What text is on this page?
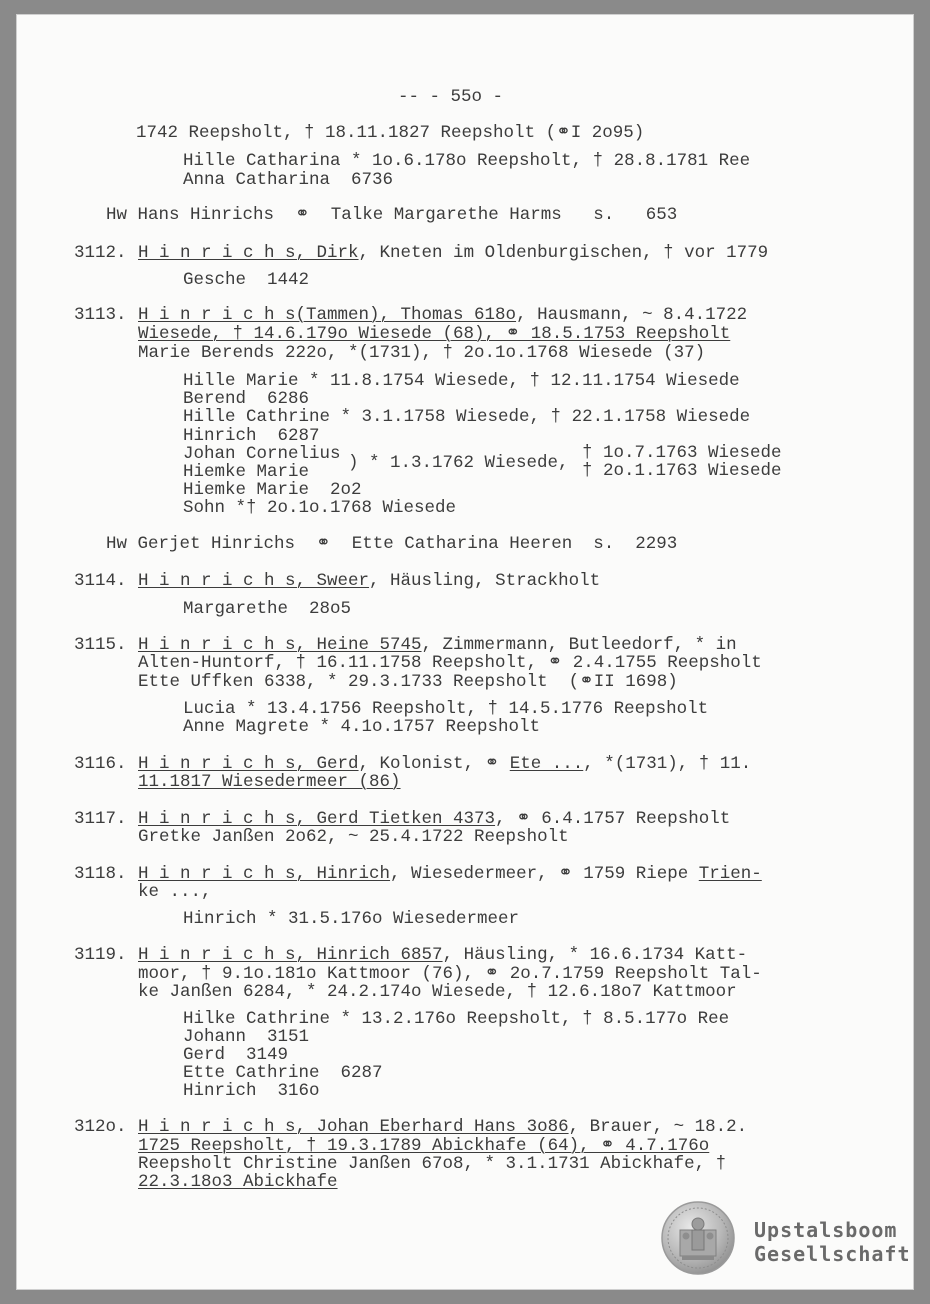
-- - 55o -
1742 Reepsholt, † 18.11.1827 Reepsholt (⚭I 2o95)
Hille Catharina * 1o.6.178o Reepsholt, † 28.8.1781 Ree
Anna Catharina  6736
Hw Hans Hinrichs  ⚭  Talke Margarethe Harms   s.   653
3112. H i n r i c h s, Dirk, Kneten im Oldenburgischen, † vor 1779
Gesche  1442
3113. H i n r i c h s(Tammen), Thomas 618o, Hausmann, ~ 8.4.1722
Wiesede, † 14.6.179o Wiesede (68), ⚭ 18.5.1753 Reepsholt
Marie Berends 222o, *(1731), † 2o.1o.1768 Wiesede (37)
Hille Marie * 11.8.1754 Wiesede, † 12.11.1754 Wiesede
Berend  6286
Hille Cathrine * 3.1.1758 Wiesede, † 22.1.1758 Wiesede
Hinrich  6287
Johan Cornelius
Hiemke Marie ) * 1.3.1762 Wiesede, † 1o.7.1763 Wiesede
† 2o.1.1763 Wiesede
Hiemke Marie  2o2
Sohn *† 2o.1o.1768 Wiesede
Hw Gerjet Hinrichs  ⚭  Ette Catharina Heeren  s.  2293
3114. H i n r i c h s, Sweer, Häusling, Strackholt
Margarethe  28o5
3115. H i n r i c h s, Heine 5745, Zimmermann, Butleedorf, * in
Alten-Huntorf, † 16.11.1758 Reepsholt, ⚭ 2.4.1755 Reepsholt
Ette Uffken 6338, * 29.3.1733 Reepsholt  (⚭II 1698)
Lucia * 13.4.1756 Reepsholt, † 14.5.1776 Reepsholt
Anne Magrete * 4.1o.1757 Reepsholt
3116. H i n r i c h s, Gerd, Kolonist, ⚭ Ete ..., *(1731), † 11.
11.1817 Wiesedermeer (86)
3117. H i n r i c h s, Gerd Tietken 4373, ⚭ 6.4.1757 Reepsholt
Gretke Janßen 2o62, ~ 25.4.1722 Reepsholt
3118. H i n r i c h s, Hinrich, Wiesedermeer, ⚭ 1759 Riepe Trien-
ke ...,
Hinrich * 31.5.176o Wiesedermeer
3119. H i n r i c h s, Hinrich 6857, Häusling, * 16.6.1734 Katt-
moor, † 9.1o.181o Kattmoor (76), ⚭ 2o.7.1759 Reepsholt Tal-
ke Janßen 6284, * 24.2.174o Wiesede, † 12.6.18o7 Kattmoor
Hilke Cathrine * 13.2.176o Reepsholt, † 8.5.177o Ree
Johann  3151
Gerd  3149
Ette Cathrine  6287
Hinrich  316o
312o. H i n r i c h s, Johan Eberhard Hans 3o86, Brauer, ~ 18.2.
1725 Reepsholt, † 19.3.1789 Abickhafe (64), ⚭ 4.7.176o
Reepsholt Christine Janßen 67o8, * 3.1.1731 Abickhafe, †
22.3.18o3 Abickhafe
Upstalsboom
Gesellschaft
